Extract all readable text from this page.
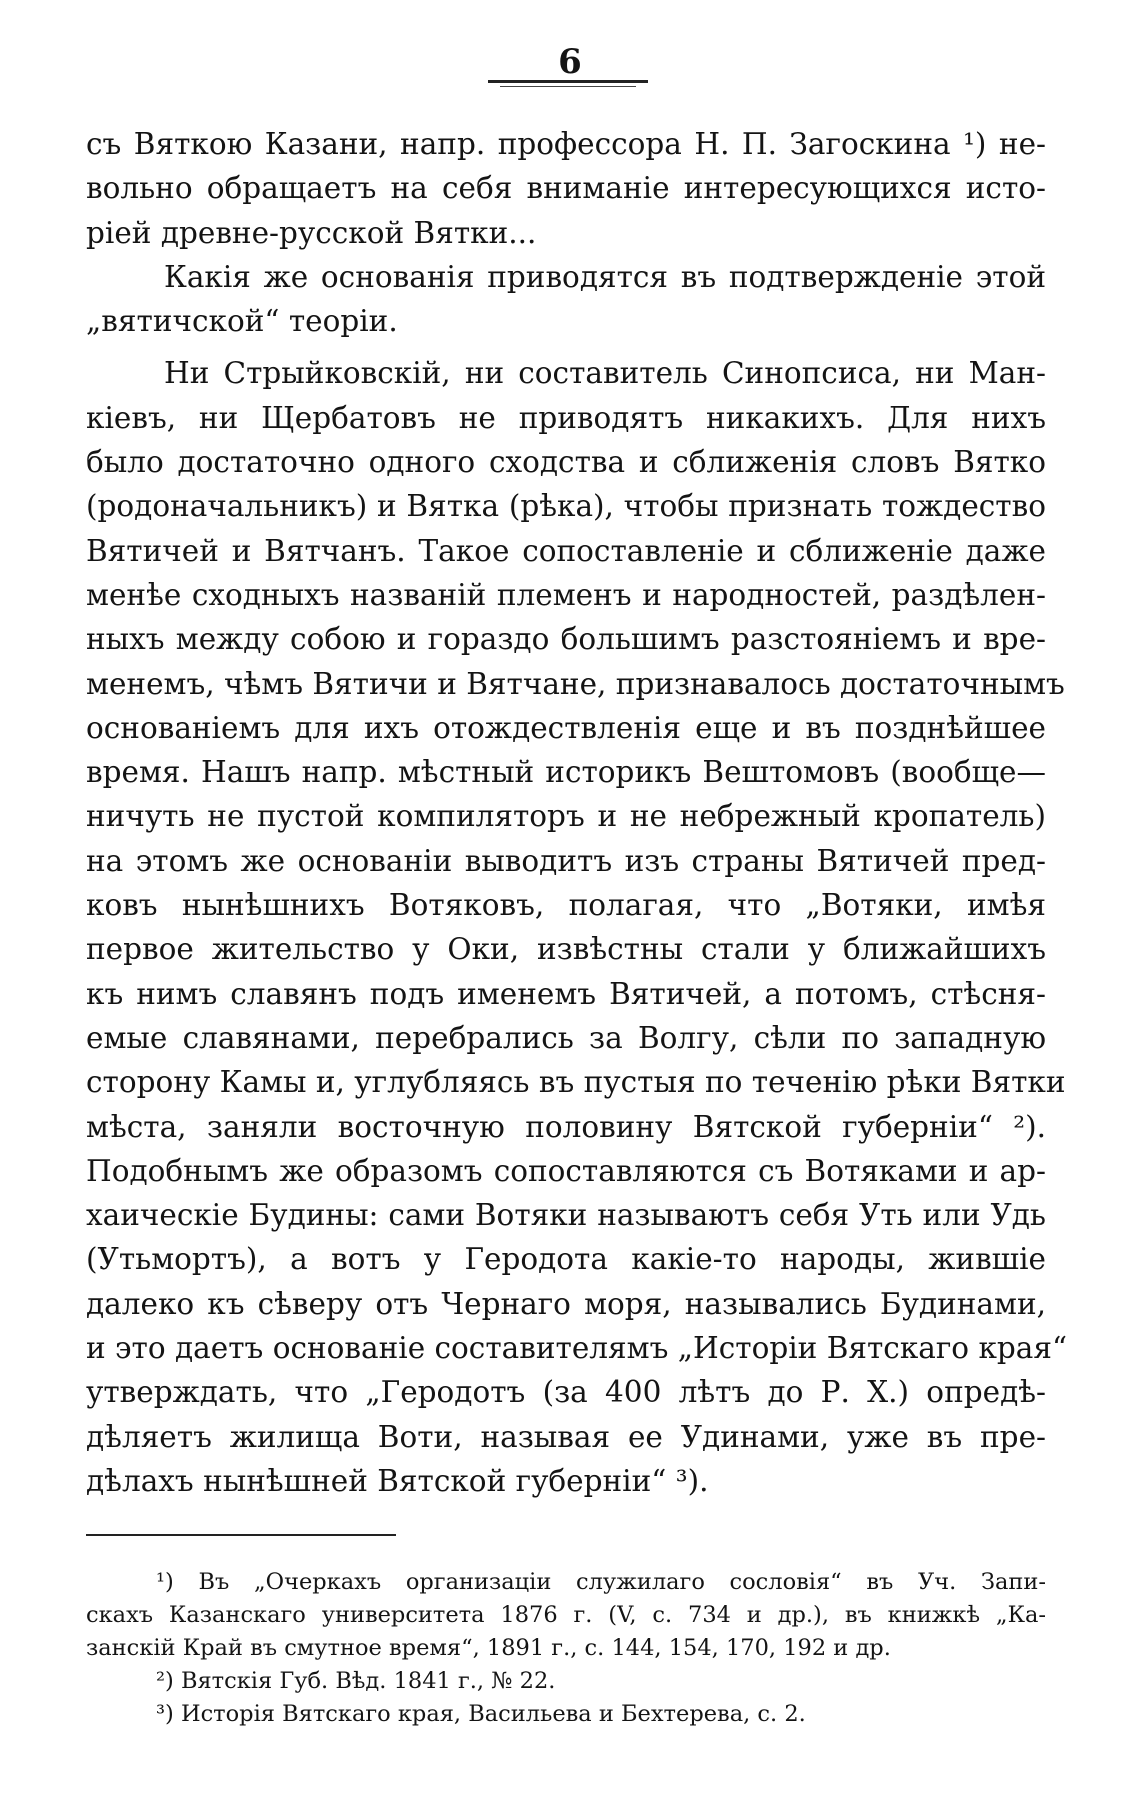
6

съ Вяткою Казани, напр. профессора Н. П. Загоскина ¹) не-
вольно обращаетъ на себя вниманіе интересующихся исто-
ріей древне-русской Вятки...

Какія же основанія приводятся въ подтвержденіе этой
„вятичской“ теоріи.

Ни Стрыйковскій, ни составитель Синопсиса, ни Ман-
кіевъ, ни Щербатовъ не приводятъ никакихъ. Для нихъ
было достаточно одного сходства и сближенія словъ Вятко
(родоначальникъ) и Вятка (рѣка), чтобы признать тождество
Вятичей и Вятчанъ. Такое сопоставленіе и сближеніе даже
менѣе сходныхъ названій племенъ и народностей, раздѣлен-
ныхъ между собою и гораздо большимъ разстояніемъ и вре-
менемъ, чѣмъ Вятичи и Вятчане, признавалось достаточнымъ
основаніемъ для ихъ отождествленія еще и въ позднѣйшее
время. Нашъ напр. мѣстный историкъ Вештомовъ (вообще—
ничуть не пустой компиляторъ и не небрежный кропатель)
на этомъ же основаніи выводитъ изъ страны Вятичей пред-
ковъ нынѣшнихъ Вотяковъ, полагая, что „Вотяки, имѣя
первое жительство у Оки, извѣстны стали у ближайшихъ
къ нимъ славянъ подъ именемъ Вятичей, а потомъ, стѣсня-
емые славянами, перебрались за Волгу, сѣли по западную
сторону Камы и, углубляясь въ пустыя по теченію рѣки Вятки
мѣста, заняли восточную половину Вятской губерніи“ ²).
Подобнымъ же образомъ сопоставляются съ Вотяками и ар-
хаическіе Будины: сами Вотяки называютъ себя Уть или Удь
(Утьмортъ), а вотъ у Геродота какіе-то народы, жившіе
далеко къ сѣверу отъ Чернаго моря, назывались Будинами,
и это даетъ основаніе составителямъ „Исторіи Вятскаго края“
утверждать, что „Геродотъ (за 400 лѣтъ до Р. Х.) опредѣ-
дѣляетъ жилища Воти, называя ее Удинами, уже въ пре-
дѣлахъ нынѣшней Вятской губерніи“ ³).

¹) Въ „Очеркахъ организаціи служилаго сословія“ въ Уч. Запи-
скахъ Казанскаго университета 1876 г. (V, с. 734 и др.), въ книжкѣ „Ка-
занскій Край въ смутное время“, 1891 г., с. 144, 154, 170, 192 и др.
²) Вятскія Губ. Вѣд. 1841 г., № 22.
³) Исторія Вятскаго края, Васильева и Бехтерева, с. 2.
